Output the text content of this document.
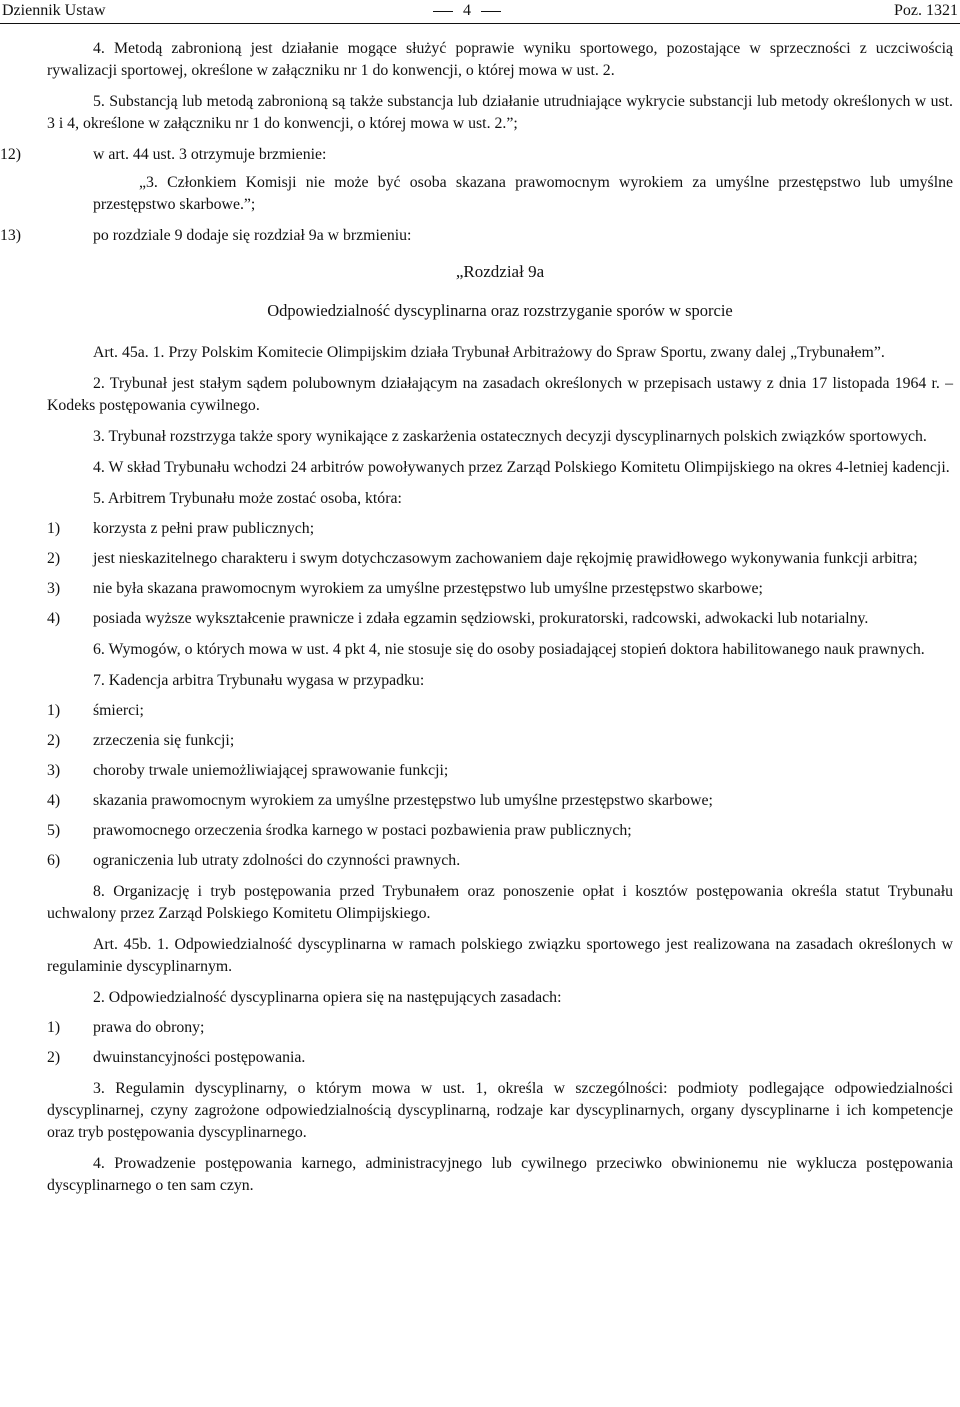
Dziennik Ustaw	4	Poz. 1321

4. Metodą zabronioną jest działanie mogące służyć poprawie wyniku sportowego, pozostające w sprzeczności z uczciwością rywalizacji sportowej, określone w załączniku nr 1 do konwencji, o której mowa w ust. 2.

5. Substancją lub metodą zabronioną są także substancja lub działanie utrudniające wykrycie substancji lub metody określonych w ust. 3 i 4, określone w załączniku nr 1 do konwencji, o której mowa w ust. 2.”;

12)	w art. 44 ust. 3 otrzymuje brzmienie:

„3. Członkiem Komisji nie może być osoba skazana prawomocnym wyrokiem za umyślne przestępstwo lub umyślne przestępstwo skarbowe.”;

13)	po rozdziale 9 dodaje się rozdział 9a w brzmieniu:

„Rozdział 9a

Odpowiedzialność dyscyplinarna oraz rozstrzyganie sporów w sporcie

Art. 45a. 1. Przy Polskim Komitecie Olimpijskim działa Trybunał Arbitrażowy do Spraw Sportu, zwany dalej „Trybunałem”.

2. Trybunał jest stałym sądem polubownym działającym na zasadach określonych w przepisach ustawy z dnia 17 listopada 1964 r. – Kodeks postępowania cywilnego.

3. Trybunał rozstrzyga także spory wynikające z zaskarżenia ostatecznych decyzji dyscyplinarnych polskich związków sportowych.

4. W skład Trybunału wchodzi 24 arbitrów powoływanych przez Zarząd Polskiego Komitetu Olimpijskiego na okres 4-letniej kadencji.

5. Arbitrem Trybunału może zostać osoba, która:

1) korzysta z pełni praw publicznych;

2) jest nieskazitelnego charakteru i swym dotychczasowym zachowaniem daje rękojmię prawidłowego wykonywania funkcji arbitra;

3) nie była skazana prawomocnym wyrokiem za umyślne przestępstwo lub umyślne przestępstwo skarbowe;

4) posiada wyższe wykształcenie prawnicze i zdała egzamin sędziowski, prokuratorski, radcowski, adwokacki lub notarialny.

6. Wymogów, o których mowa w ust. 4 pkt 4, nie stosuje się do osoby posiadającej stopień doktora habilitowanego nauk prawnych.

7. Kadencja arbitra Trybunału wygasa w przypadku:

1) śmierci;

2) zrzeczenia się funkcji;

3) choroby trwale uniemożliwiającej sprawowanie funkcji;

4) skazania prawomocnym wyrokiem za umyślne przestępstwo lub umyślne przestępstwo skarbowe;

5) prawomocnego orzeczenia środka karnego w postaci pozbawienia praw publicznych;

6) ograniczenia lub utraty zdolności do czynności prawnych.

8. Organizację i tryb postępowania przed Trybunałem oraz ponoszenie opłat i kosztów postępowania określa statut Trybunału uchwalony przez Zarząd Polskiego Komitetu Olimpijskiego.

Art. 45b. 1. Odpowiedzialność dyscyplinarna w ramach polskiego związku sportowego jest realizowana na zasadach określonych w regulaminie dyscyplinarnym.

2. Odpowiedzialność dyscyplinarna opiera się na następujących zasadach:

1) prawa do obrony;

2) dwuinstancyjności postępowania.

3. Regulamin dyscyplinarny, o którym mowa w ust. 1, określa w szczególności: podmioty podlegające odpowiedzialności dyscyplinarnej, czyny zagrożone odpowiedzialnością dyscyplinarną, rodzaje kar dyscyplinarnych, organy dyscyplinarne i ich kompetencje oraz tryb postępowania dyscyplinarnego.

4. Prowadzenie postępowania karnego, administracyjnego lub cywilnego przeciwko obwinionemu nie wyklucza postępowania dyscyplinarnego o ten sam czyn.
